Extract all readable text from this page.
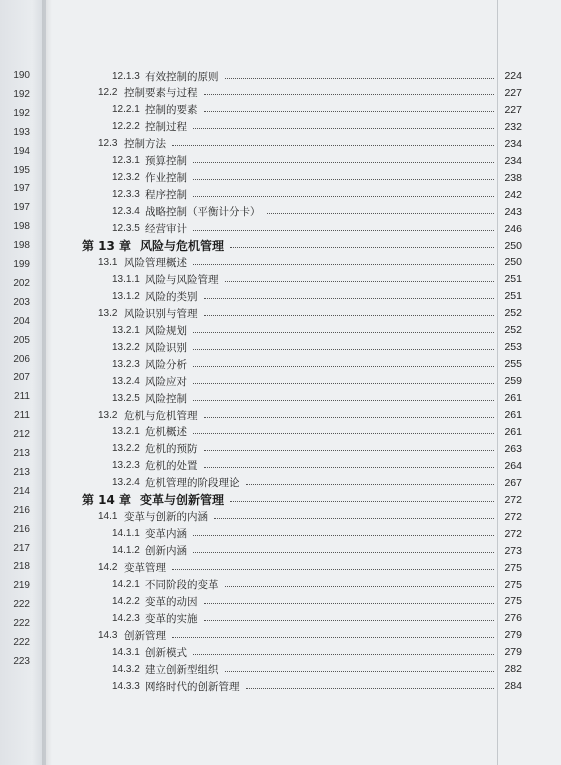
190
192
192
193
194
195
197
197
198
198
199
202
203
204
205
206
207
211
211
212
213
213
214
216
216
217
218
219
222
222
222
223
12.1.3 有效控制的原则	224
12.2 控制要素与过程	227
12.2.1 控制的要素	227
12.2.2 控制过程	232
12.3 控制方法	234
12.3.1 预算控制	234
12.3.2 作业控制	238
12.3.3 程序控制	242
12.3.4 战略控制（平衡计分卡）	243
12.3.5 经营审计	246
第 13 章 风险与危机管理	250
13.1 风险管理概述	250
13.1.1 风险与风险管理	251
13.1.2 风险的类别	251
13.2 风险识别与管理	252
13.2.1 风险规划	252
13.2.2 风险识别	253
13.2.3 风险分析	255
13.2.4 风险应对	259
13.2.5 风险控制	261
13.2 危机与危机管理	261
13.2.1 危机概述	261
13.2.2 危机的预防	263
13.2.3 危机的处置	264
13.2.4 危机管理的阶段理论	267
第 14 章 变革与创新管理	272
14.1 变革与创新的内涵	272
14.1.1 变革内涵	272
14.1.2 创新内涵	273
14.2 变革管理	275
14.2.1 不同阶段的变革	275
14.2.2 变革的动因	275
14.2.3 变革的实施	276
14.3 创新管理	279
14.3.1 创新模式	279
14.3.2 建立创新型组织	282
14.3.3 网络时代的创新管理	284
